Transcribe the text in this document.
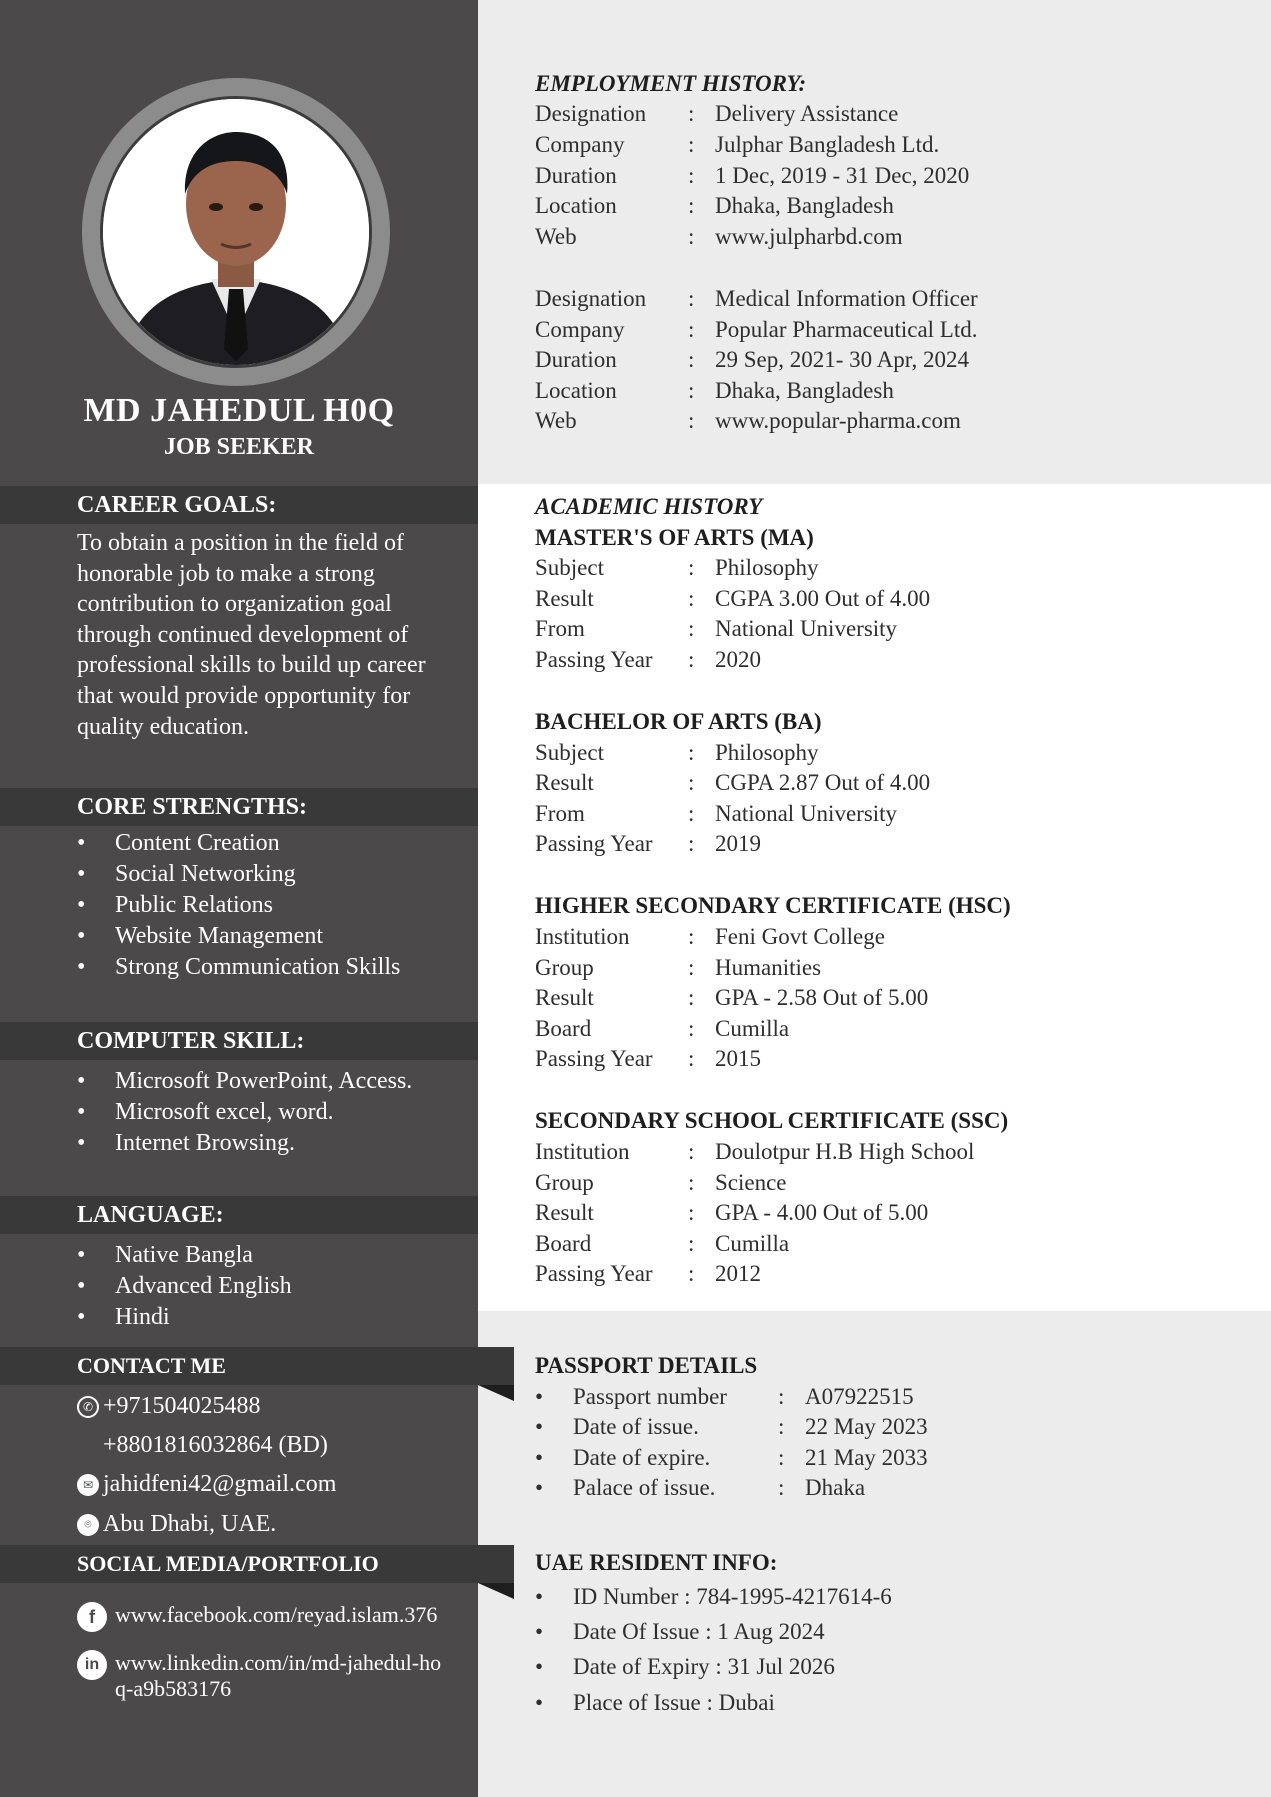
MD JAHEDUL H0Q
JOB SEEKER
CAREER GOALS:
To obtain a position in the field of honorable job to make a strong contribution to organization goal through continued development of professional skills to build up career that would provide opportunity for quality education.
CORE STRENGTHS:
• Content Creation
• Social Networking
• Public Relations
• Website Management
• Strong Communication Skills
COMPUTER SKILL:
• Microsoft PowerPoint, Access.
• Microsoft excel, word.
• Internet Browsing.
LANGUAGE:
• Native Bangla
• Advanced English
• Hindi
CONTACT ME
✆ +971504025488
+8801816032864 (BD)
✉ jahidfeni42@gmail.com
⌾ Abu Dhabi, UAE.
SOCIAL MEDIA/PORTFOLIO
f www.facebook.com/reyad.islam.376
in www.linkedin.com/in/md-jahedul-hoq-a9b583176
EMPLOYMENT HISTORY:
Designation : Delivery Assistance
Company	: Julphar Bangladesh Ltd.
Duration	: 1 Dec, 2019 - 31 Dec, 2020
Location	: Dhaka, Bangladesh
Web	: www.julpharbd.com
Designation : Medical Information Officer
Company	: Popular Pharmaceutical Ltd.
Duration	: 29 Sep, 2021- 30 Apr, 2024
Location	: Dhaka, Bangladesh
Web	: www.popular-pharma.com
ACADEMIC HISTORY
MASTER'S OF ARTS (MA)
Subject	: Philosophy
Result	: CGPA 3.00 Out of 4.00
From	: National University
Passing Year : 2020
BACHELOR OF ARTS (BA)
Subject	: Philosophy
Result	: CGPA 2.87 Out of 4.00
From	: National University
Passing Year : 2019
HIGHER SECONDARY CERTIFICATE (HSC)
Institution	: Feni Govt College
Group	: Humanities
Result	: GPA - 2.58 Out of 5.00
Board	: Cumilla
Passing Year : 2015
SECONDARY SCHOOL CERTIFICATE (SSC)
Institution	: Doulotpur H.B High School
Group	: Science
Result	: GPA - 4.00 Out of 5.00
Board	: Cumilla
Passing Year : 2012
PASSPORT DETAILS
• Passport number : A07922515
• Date of issue.	: 22 May 2023
• Date of expire.	: 21 May 2033
• Palace of issue.	: Dhaka
UAE RESIDENT INFO:
• ID Number : 784-1995-4217614-6
• Date Of Issue : 1 Aug 2024
• Date of Expiry : 31 Jul 2026
• Place of Issue : Dubai
